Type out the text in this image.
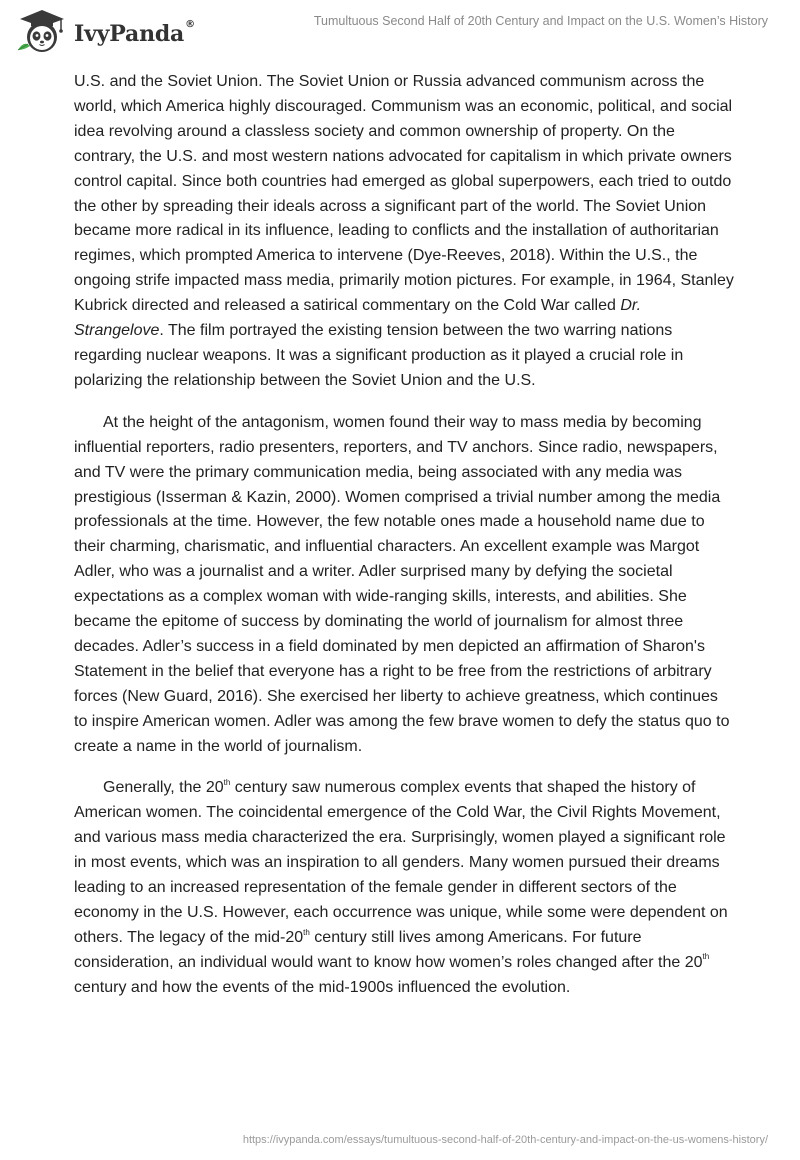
IvyPanda®	Tumultuous Second Half of 20th Century and Impact on the U.S. Women’s History

U.S. and the Soviet Union. The Soviet Union or Russia advanced communism across the world, which America highly discouraged. Communism was an economic, political, and social idea revolving around a classless society and common ownership of property. On the contrary, the U.S. and most western nations advocated for capitalism in which private owners control capital. Since both countries had emerged as global superpowers, each tried to outdo the other by spreading their ideals across a significant part of the world. The Soviet Union became more radical in its influence, leading to conflicts and the installation of authoritarian regimes, which prompted America to intervene (Dye-Reeves, 2018). Within the U.S., the ongoing strife impacted mass media, primarily motion pictures. For example, in 1964, Stanley Kubrick directed and released a satirical commentary on the Cold War called Dr. Strangelove. The film portrayed the existing tension between the two warring nations regarding nuclear weapons. It was a significant production as it played a crucial role in polarizing the relationship between the Soviet Union and the U.S.

At the height of the antagonism, women found their way to mass media by becoming influential reporters, radio presenters, reporters, and TV anchors. Since radio, newspapers, and TV were the primary communication media, being associated with any media was prestigious (Isserman & Kazin, 2000). Women comprised a trivial number among the media professionals at the time. However, the few notable ones made a household name due to their charming, charismatic, and influential characters. An excellent example was Margot Adler, who was a journalist and a writer. Adler surprised many by defying the societal expectations as a complex woman with wide-ranging skills, interests, and abilities. She became the epitome of success by dominating the world of journalism for almost three decades. Adler’s success in a field dominated by men depicted an affirmation of Sharon's Statement in the belief that everyone has a right to be free from the restrictions of arbitrary forces (New Guard, 2016). She exercised her liberty to achieve greatness, which continues to inspire American women. Adler was among the few brave women to defy the status quo to create a name in the world of journalism.

Generally, the 20th century saw numerous complex events that shaped the history of American women. The coincidental emergence of the Cold War, the Civil Rights Movement, and various mass media characterized the era. Surprisingly, women played a significant role in most events, which was an inspiration to all genders. Many women pursued their dreams leading to an increased representation of the female gender in different sectors of the economy in the U.S. However, each occurrence was unique, while some were dependent on others. The legacy of the mid-20th century still lives among Americans. For future consideration, an individual would want to know how women’s roles changed after the 20th century and how the events of the mid-1900s influenced the evolution.

https://ivypanda.com/essays/tumultuous-second-half-of-20th-century-and-impact-on-the-us-womens-history/
